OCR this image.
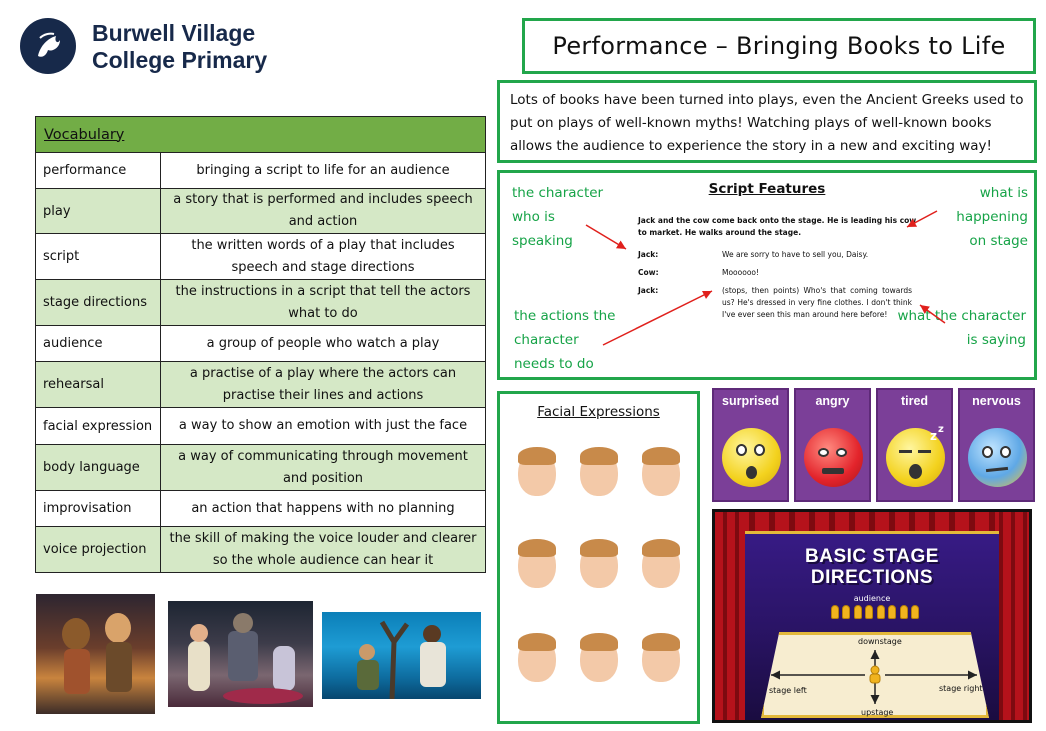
Burwell Village
College Primary	Performance – Bringing Books to Life
Lots of books have been turned into plays, even the Ancient Greeks used to put on plays of well-known myths! Watching plays of well-known books allows the audience to experience the story in a new and exciting way!
Vocabulary	
performance	bringing a script to life for an audience
play	a story that is performed and includes speech and action
script	the written words of a play that includes speech and stage directions
stage directions	the instructions in a script that tell the actors what to do
audience	a group of people who watch a play
rehearsal	a practise of a play where the actors can practise their lines and actions
facial expression	a way to show an emotion with just the face
body language	a way of communicating through movement and position
improvisation	an action that happens with no planning
voice projection	the skill of making the voice louder and clearer so the whole audience can hear it
Script Features
the character who is speaking
what is happening on stage
the actions the character needs to do
what the character is saying
Jack and the cow come back onto the stage. He is leading his cow to market. He walks around the stage.
Jack:	We are sorry to have to sell you, Daisy.
Cow:	Moooooo!
Jack:	(stops, then points) Who's that coming towards us? He's dressed in very fine clothes. I don't think I've ever seen this man around here before!
Facial Expressions
surprised	angry	tired
z z
nervous
BASIC STAGE
DIRECTIONS
audience
downstage
upstage
stage left	stage right
